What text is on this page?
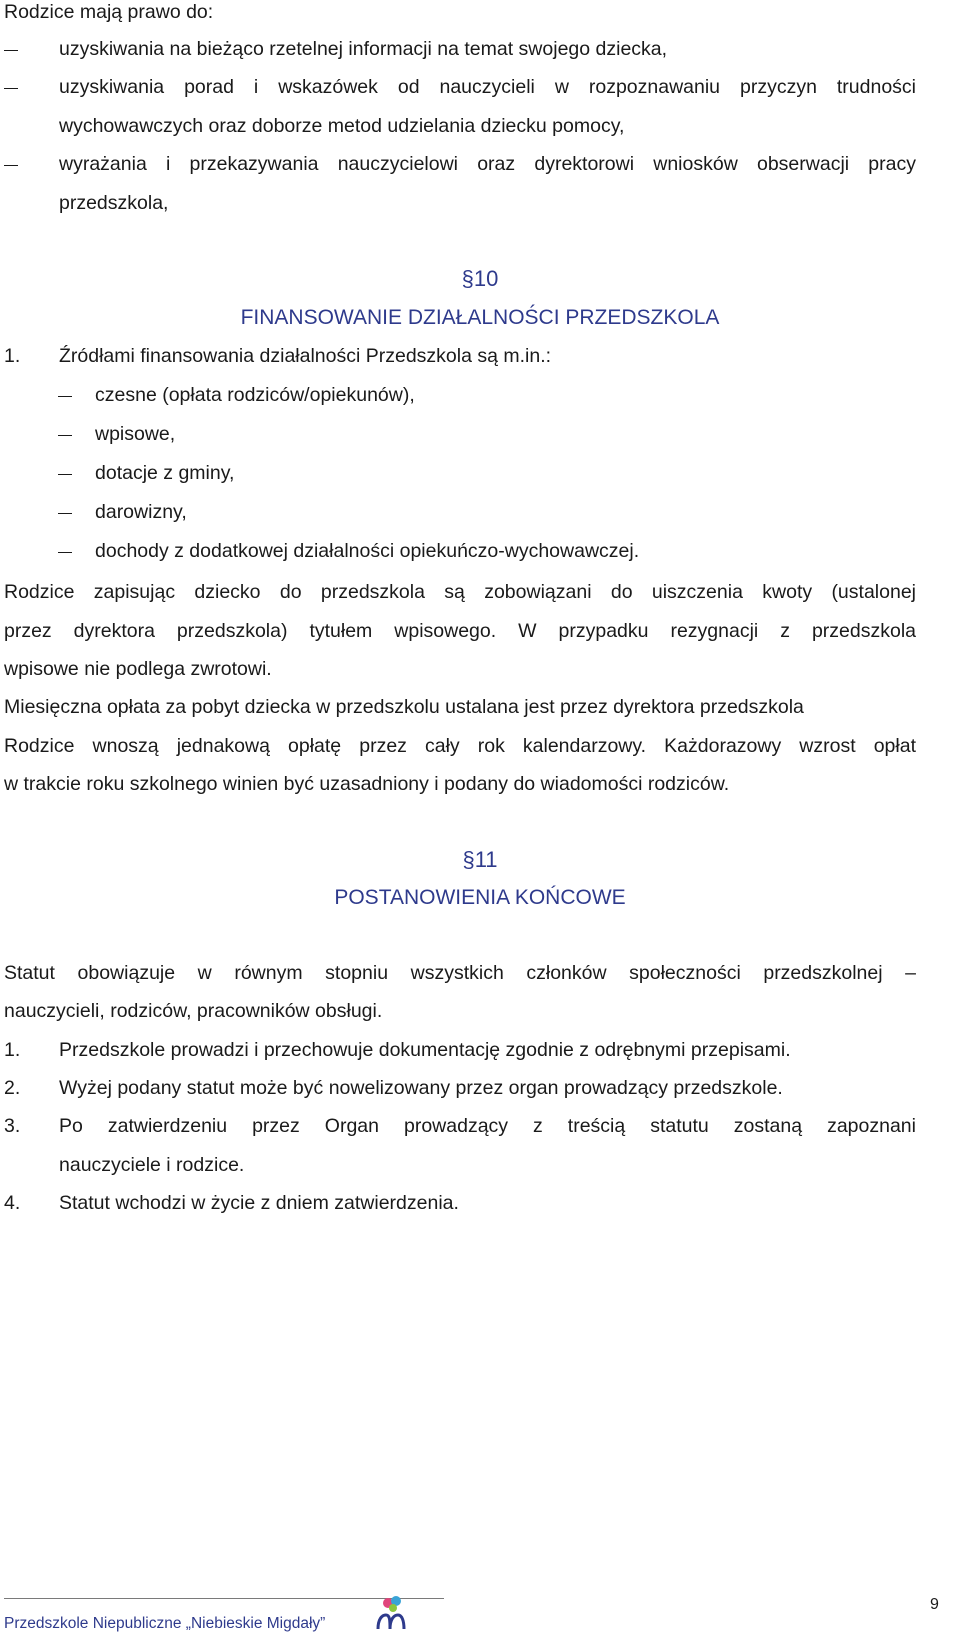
Rodzice mają prawo do:
uzyskiwania na bieżąco rzetelnej informacji na temat swojego dziecka,
uzyskiwania porad i wskazówek od nauczycieli w rozpoznawaniu przyczyn trudności
wychowawczych oraz doborze metod udzielania dziecku pomocy,
wyrażania i przekazywania nauczycielowi oraz dyrektorowi wniosków obserwacji pracy
przedszkola,
§10
FINANSOWANIE DZIAŁALNOŚCI PRZEDSZKOLA
1. Źródłami finansowania działalności Przedszkola są m.in.:
czesne (opłata rodziców/opiekunów),
wpisowe,
dotacje z gminy,
darowizny,
dochody z dodatkowej działalności opiekuńczo-wychowawczej.
Rodzice zapisując dziecko do przedszkola są zobowiązani do uiszczenia kwoty (ustalonej
przez dyrektora przedszkola) tytułem wpisowego. W przypadku rezygnacji z przedszkola
wpisowe nie podlega zwrotowi.
Miesięczna opłata za pobyt dziecka w przedszkolu ustalana jest przez dyrektora przedszkola
Rodzice wnoszą jednakową opłatę przez cały rok kalendarzowy. Każdorazowy wzrost opłat
w trakcie roku szkolnego winien być uzasadniony i podany do wiadomości rodziców.
§11
POSTANOWIENIA KOŃCOWE
Statut obowiązuje w równym stopniu wszystkich członków społeczności przedszkolnej –
nauczycieli, rodziców, pracowników obsługi.
1. Przedszkole prowadzi i przechowuje dokumentację zgodnie z odrębnymi przepisami.
2. Wyżej podany statut może być nowelizowany przez organ prowadzący przedszkole.
3. Po zatwierdzeniu przez Organ prowadzący z treścią statutu zostaną zapoznani
nauczyciele i rodzice.
4. Statut wchodzi w życie z dniem zatwierdzenia.
9
Przedszkole Niepubliczne „Niebieskie Migdały”
